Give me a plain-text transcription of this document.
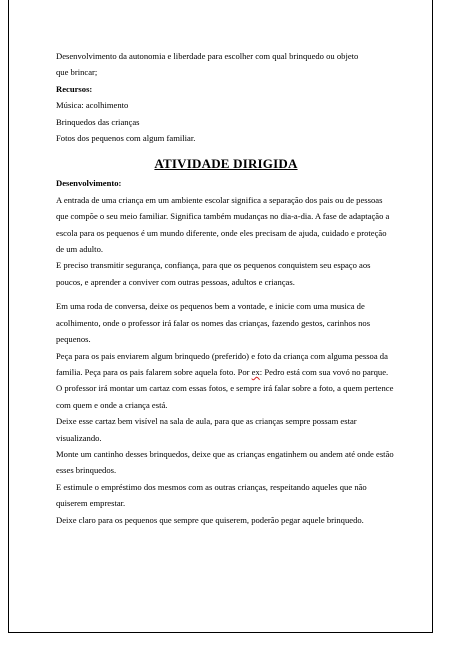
Desenvolvimento da autonomia e liberdade para escolher com qual brinquedo ou objeto

que brincar;

Recursos:

Música: acolhimento

Brinquedos das crianças

Fotos dos pequenos com algum familiar.

ATIVIDADE DIRIGIDA

Desenvolvimento:

A entrada de uma criança em um ambiente escolar significa a separação dos pais ou de pessoas que compõe o seu meio familiar. Significa também mudanças no dia-a-dia. A fase de adaptação a escola para os pequenos é um mundo diferente, onde eles precisam de ajuda, cuidado e proteção de um adulto.

E preciso transmitir segurança, confiança, para que os pequenos conquistem seu espaço aos poucos, e aprender a conviver com outras pessoas, adultos e crianças.

Em uma roda de conversa, deixe os pequenos bem a vontade, e inicie com uma musica de acolhimento, onde o professor irá falar os nomes das crianças, fazendo gestos, carinhos nos pequenos.

Peça para os pais enviarem algum brinquedo (preferido) e foto da criança com alguma pessoa da familia. Peça para os pais falarem sobre aquela foto. Por ex: Pedro está com sua vovó no parque.

O professor irá montar um cartaz com essas fotos, e sempre irá falar sobre a foto, a quem pertence com quem e onde a criança está.

Deixe esse cartaz bem visível na sala de aula, para que as crianças sempre possam estar visualizando.

Monte um cantinho desses brinquedos, deixe que as crianças engatinhem ou andem até onde estão esses brinquedos.

E estimule o empréstimo dos mesmos com as outras crianças, respeitando aqueles que não quiserem emprestar.

Deixe claro para os pequenos que sempre que quiserem, poderão pegar aquele brinquedo.
